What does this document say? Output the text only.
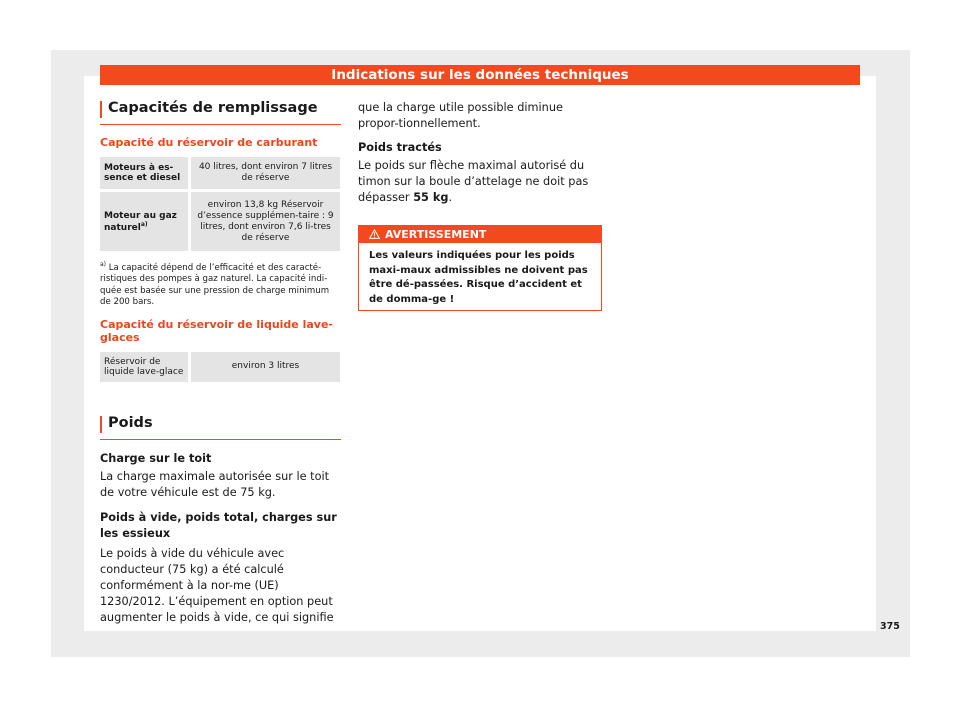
Indications sur les données techniques
Capacités de remplissage
Capacité du réservoir de carburant
Moteurs à es-sence et diesel	40 litres, dont environ 7 litres de réserve
Moteur au gaz naturel$^{a)}$	environ 13,8 kg Réservoir d’essence supplémen-taire : 9 litres, dont environ 7,6 li-tres de réserve
$^{a)}$ La capacité dépend de l’efficacité et des caracté-ristiques des pompes à gaz naturel. La capacité indi-quée est basée sur une pression de charge minimum de 200 bars.
Capacité du réservoir de liquide lave-glaces
Réservoir de liquide lave-glace	environ 3 litres
Poids
Charge sur le toit
La charge maximale autorisée sur le toit de votre véhicule est de 75 kg.
Poids à vide, poids total, charges sur les essieux
Le poids à vide du véhicule avec conducteur (75 kg) a été calculé conformément à la nor-me (UE) 1230/2012. L’équipement en option peut augmenter le poids à vide, ce qui signifie
que la charge utile possible diminue propor-tionnellement.
Poids tractés
Le poids sur flèche maximal autorisé du timon sur la boule d’attelage ne doit pas dépasser 55 kg.
AVERTISSEMENT
Les valeurs indiquées pour les poids maxi-maux admissibles ne doivent pas être dé-passées. Risque d’accident et de domma-ge !
375
